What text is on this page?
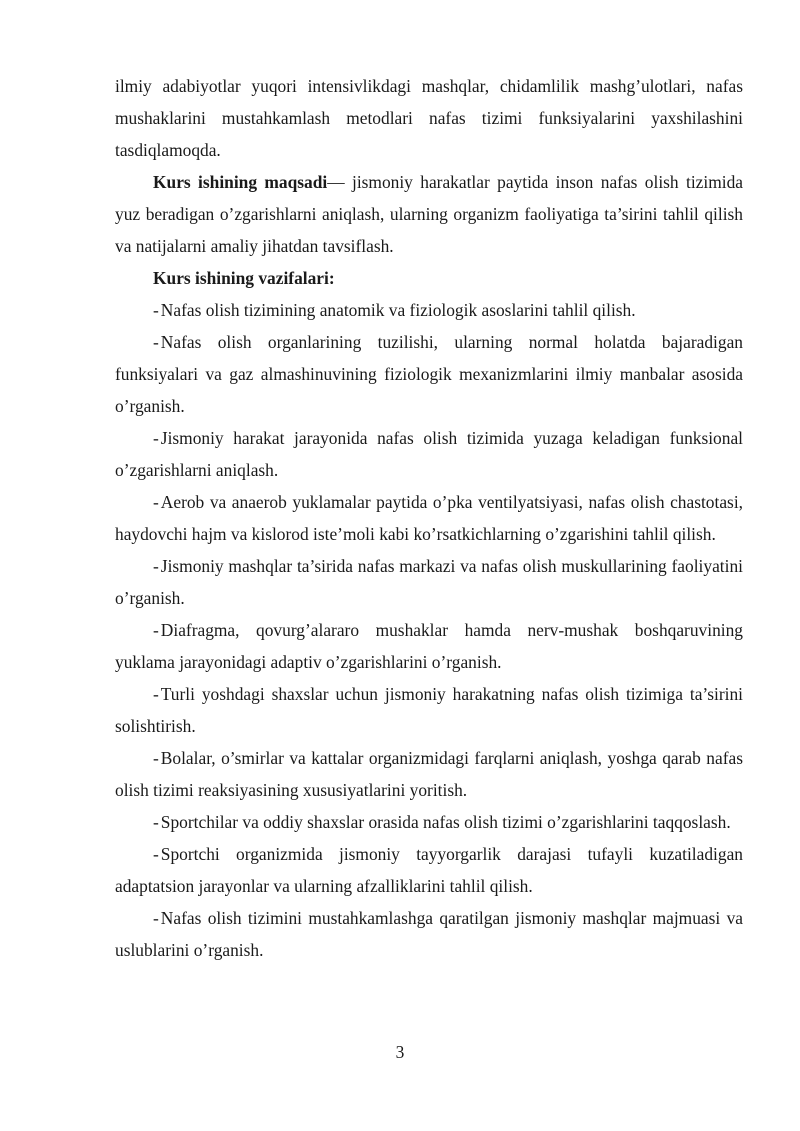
ilmiy adabiyotlar yuqori intensivlikdagi mashqlar, chidamlilik mashg’ulotlari, nafas mushaklarini mustahkamlash metodlari nafas tizimi funksiyalarini yaxshilashini tasdiqlamoqda.

Kurs ishining maqsadi— jismoniy harakatlar paytida inson nafas olish tizimida yuz beradigan o’zgarishlarni aniqlash, ularning organizm faoliyatiga ta’sirini tahlil qilish va natijalarni amaliy jihatdan tavsiflash.

Kurs ishining vazifalari:

- Nafas olish tizimining anatomik va fiziologik asoslarini tahlil qilish.

- Nafas olish organlarining tuzilishi, ularning normal holatda bajaradigan funksiyalari va gaz almashinuvining fiziologik mexanizmlarini ilmiy manbalar asosida o’rganish.

- Jismoniy harakat jarayonida nafas olish tizimida yuzaga keladigan funksional o’zgarishlarni aniqlash.

- Aerob va anaerob yuklamalar paytida o’pka ventilyatsiyasi, nafas olish chastotasi, haydovchi hajm va kislorod iste’moli kabi ko’rsatkichlarning o’zgarishini tahlil qilish.

- Jismoniy mashqlar ta’sirida nafas markazi va nafas olish muskullarining faoliyatini o’rganish.

- Diafragma, qovurg’alararo mushaklar hamda nerv-mushak boshqaruvining yuklama jarayonidagi adaptiv o’zgarishlarini o’rganish.

- Turli yoshdagi shaxslar uchun jismoniy harakatning nafas olish tizimiga ta’sirini solishtirish.

- Bolalar, o’smirlar va kattalar organizmidagi farqlarni aniqlash, yoshga qarab nafas olish tizimi reaksiyasining xususiyatlarini yoritish.

- Sportchilar va oddiy shaxslar orasida nafas olish tizimi o’zgarishlarini taqqoslash.

- Sportchi organizmida jismoniy tayyorgarlik darajasi tufayli kuzatiladigan adaptatsion jarayonlar va ularning afzalliklarini tahlil qilish.

- Nafas olish tizimini mustahkamlashga qaratilgan jismoniy mashqlar majmuasi va uslublarini o’rganish.

3
